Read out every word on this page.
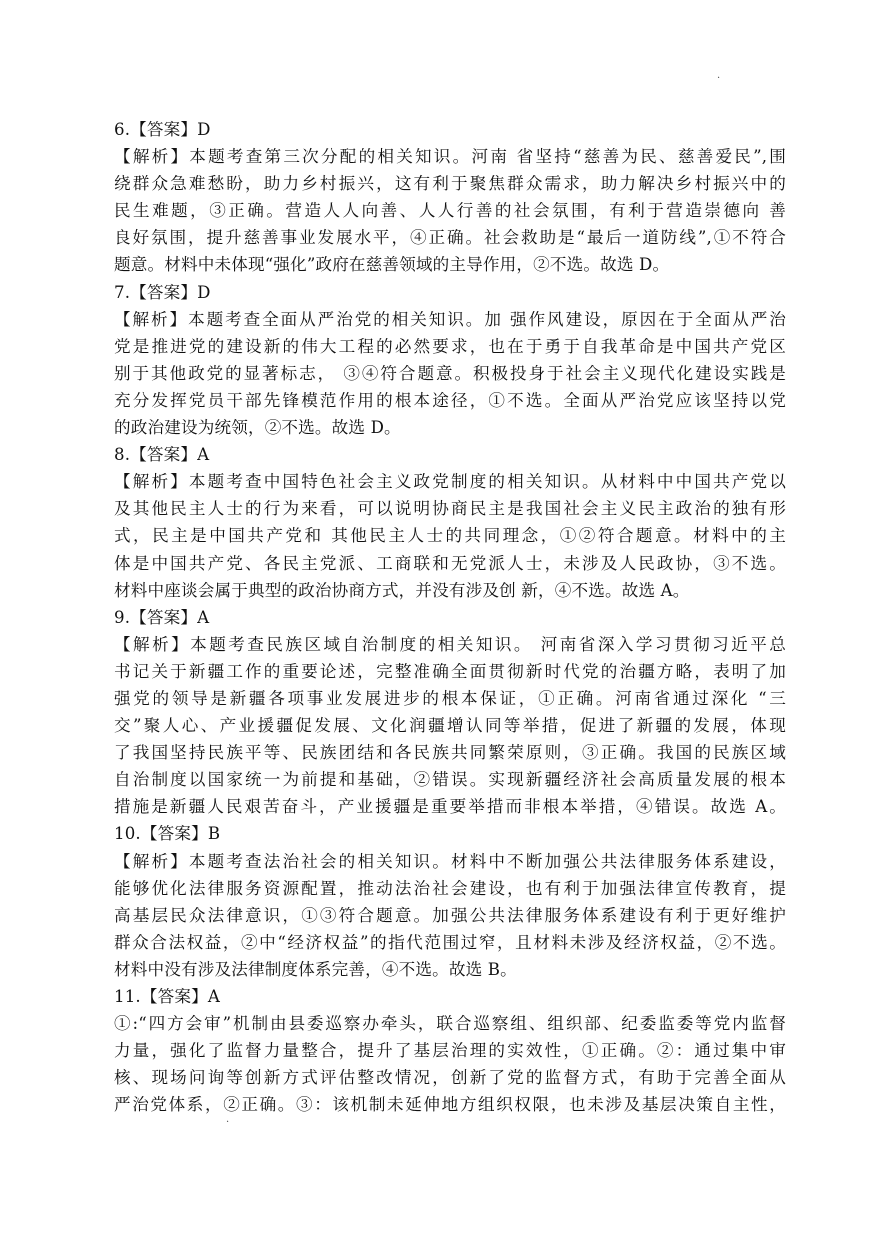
·
6.【答案】D
【解析】本题考查第三次分配的相关知识。河南 省坚持“慈善为民、慈善爱民”,围
绕群众急难愁盼，助力乡村振兴，这有利于聚焦群众需求，助力解决乡村振兴中的
民生难题，③正确。营造人人向善、人人行善的社会氛围，有利于营造崇德向 善
良好氛围，提升慈善事业发展水平，④正确。社会救助是“最后一道防线”,①不符合
题意。材料中未体现“强化”政府在慈善领域的主导作用，②不选。故选 D。
7.【答案】D
【解析】本题考查全面从严治党的相关知识。加 强作风建设，原因在于全面从严治
党是推进党的建设新的伟大工程的必然要求，也在于勇于自我革命是中国共产党区
别于其他政党的显著标志， ③④符合题意。积极投身于社会主义现代化建设实践是
充分发挥党员干部先锋模范作用的根本途径，①不选。全面从严治党应该坚持以党
的政治建设为统领，②不选。故选 D。
8.【答案】A
【解析】本题考查中国特色社会主义政党制度的相关知识。从材料中中国共产党以
及其他民主人士的行为来看，可以说明协商民主是我国社会主义民主政治的独有形
式，民主是中国共产党和 其他民主人士的共同理念，①②符合题意。材料中的主
体是中国共产党、各民主党派、工商联和无党派人士，未涉及人民政协，③不选。
材料中座谈会属于典型的政治协商方式，并没有涉及创 新，④不选。故选 A。
9.【答案】A
【解析】本题考查民族区域自治制度的相关知识。 河南省深入学习贯彻习近平总
书记关于新疆工作的重要论述，完整准确全面贯彻新时代党的治疆方略，表明了加
强党的领导是新疆各项事业发展进步的根本保证，①正确。河南省通过深化 “三
交”聚人心、产业援疆促发展、文化润疆增认同等举措，促进了新疆的发展，体现
了我国坚持民族平等、民族团结和各民族共同繁荣原则，③正确。我国的民族区域
自治制度以国家统一为前提和基础，②错误。实现新疆经济社会高质量发展的根本
措施是新疆人民艰苦奋斗，产业援疆是重要举措而非根本举措，④错误。故选 A。
10.【答案】B
【解析】本题考查法治社会的相关知识。材料中不断加强公共法律服务体系建设，
能够优化法律服务资源配置，推动法治社会建设，也有利于加强法律宣传教育，提
高基层民众法律意识，①③符合题意。加强公共法律服务体系建设有利于更好维护
群众合法权益，②中“经济权益”的指代范围过窄，且材料未涉及经济权益，②不选。
材料中没有涉及法律制度体系完善，④不选。故选 B。
11.【答案】A
①:“四方会审”机制由县委巡察办牵头，联合巡察组、组织部、纪委监委等党内监督
力量，强化了监督力量整合，提升了基层治理的实效性，①正确。②：通过集中审
核、现场问询等创新方式评估整改情况，创新了党的监督方式，有助于完善全面从
严治党体系，②正确。③：该机制未延伸地方组织权限，也未涉及基层决策自主性，
·
